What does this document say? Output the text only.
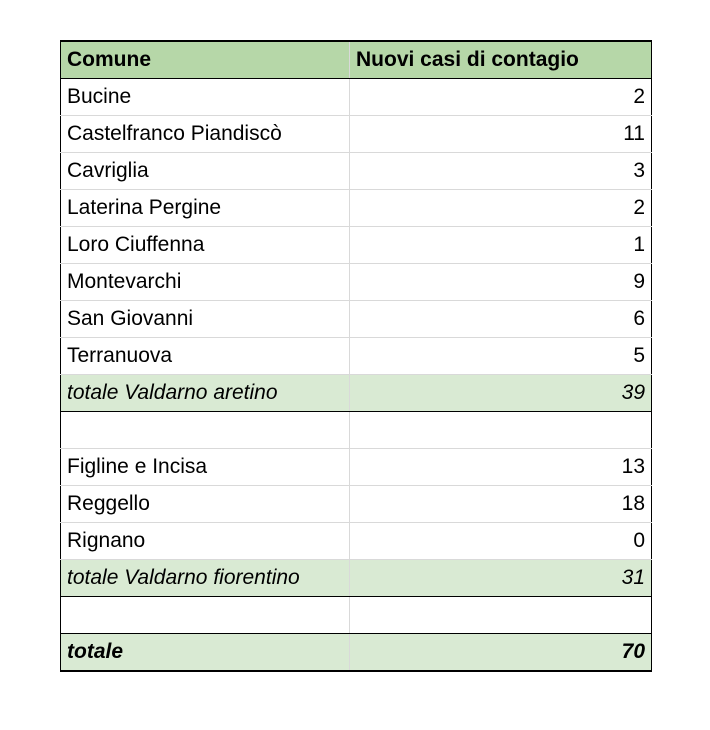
Comune	Nuovi casi di contagio
Bucine	2
Castelfranco Piandiscò	11
Cavriglia	3
Laterina Pergine	2
Loro Ciuffenna	1
Montevarchi	9
San Giovanni	6
Terranuova	5
totale Valdarno aretino	39

Figline e Incisa	13
Reggello	18
Rignano	0
totale Valdarno fiorentino	31

totale	70
